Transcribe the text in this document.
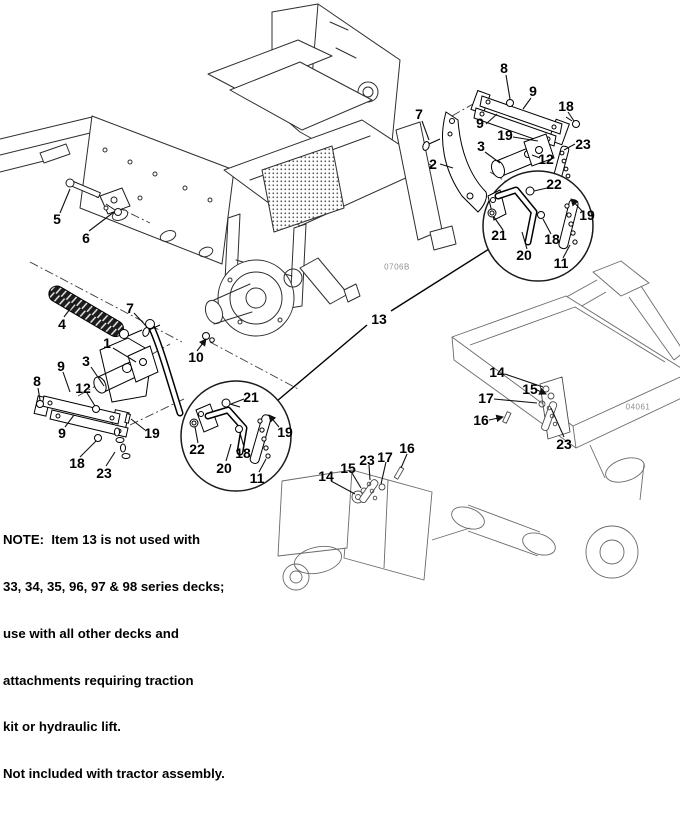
5
6
4
7
1
10
3
9
8 12
9	19
18
23
21
22 18
20
19
11
13
8
9
18
7
9
19
23
3
12
2
22
19
21	18
20 11
14
15
17
16
23
14 15 23 17
16
0706B
04061

NOTE:  Item 13 is not used with

33, 34, 35, 96, 97 & 98 series decks;

use with all other decks and

attachments requiring traction

kit or hydraulic lift.

Not included with tractor assembly.
